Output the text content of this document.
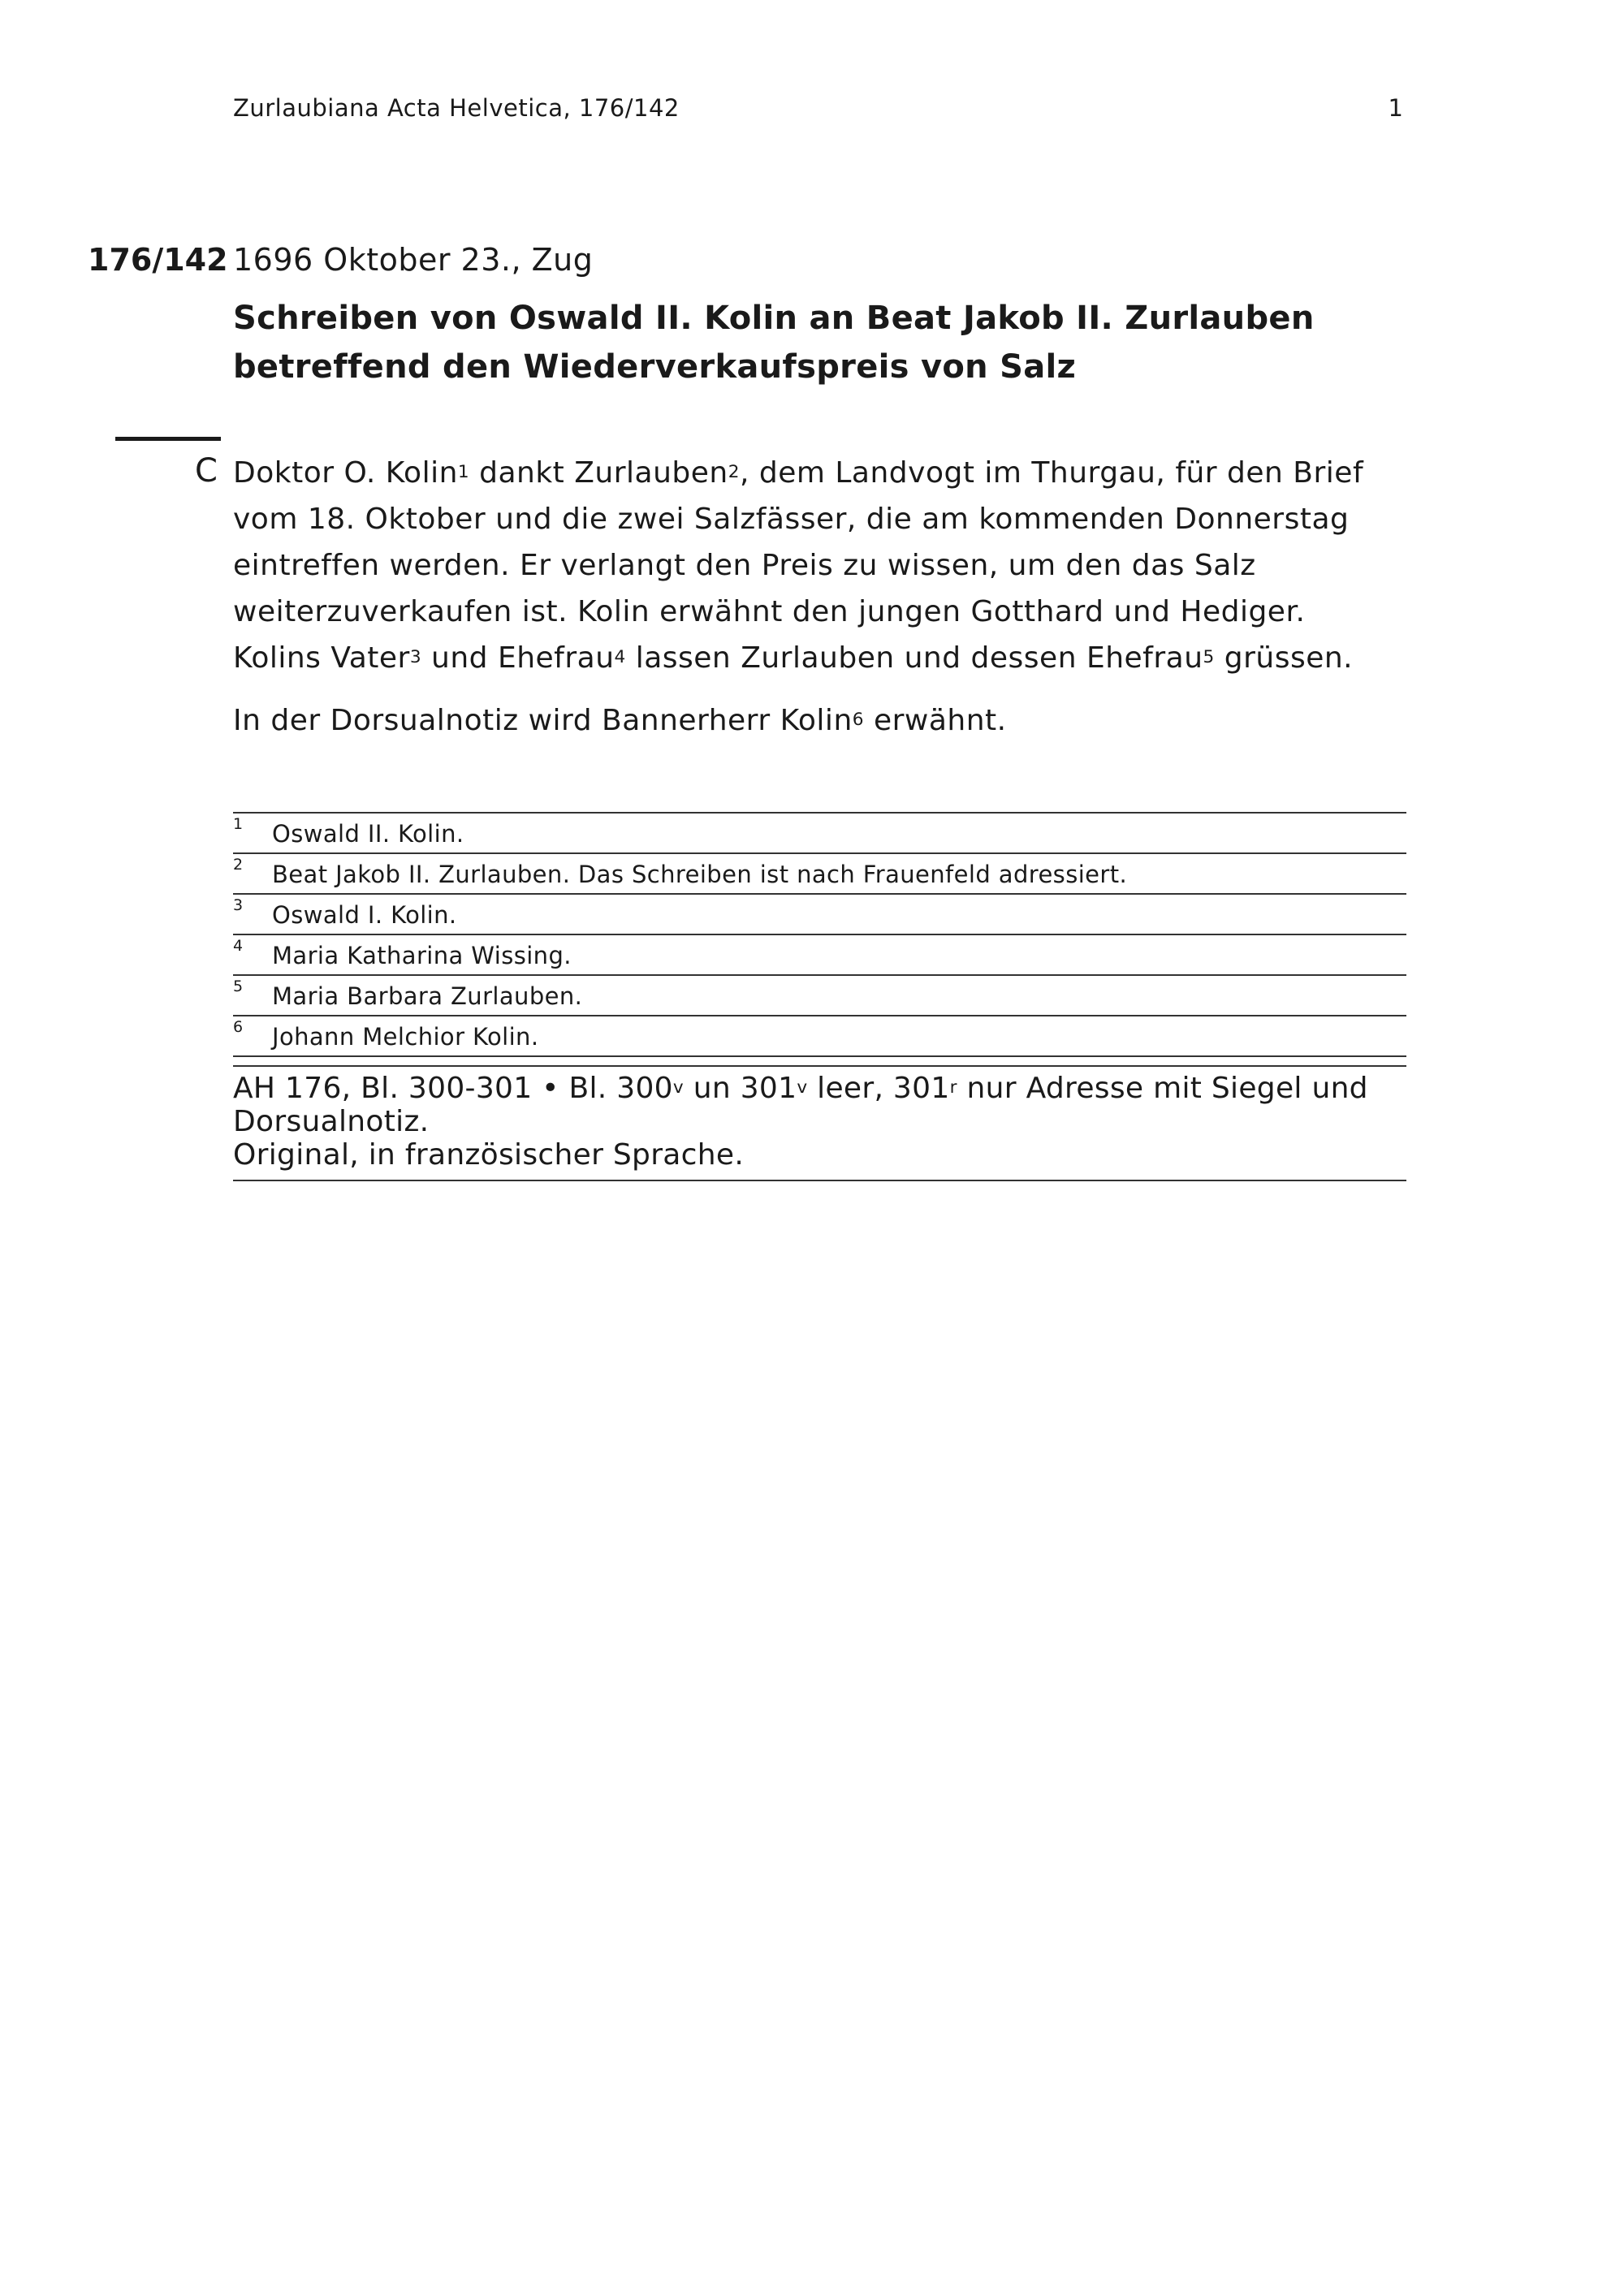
Zurlaubiana Acta Helvetica, 176/142	1
176/142 1696 Oktober 23., Zug
Schreiben von Oswald II. Kolin an Beat Jakob II. Zurlauben betreffend den Wiederverkaufspreis von Salz
C Doktor O. Kolin$^1$ dankt Zurlauben$^2$, dem Landvogt im Thurgau, für den Brief vom 18. Oktober und die zwei Salzfässer, die am kommenden Donnerstag eintreffen werden. Er verlangt den Preis zu wissen, um den das Salz weiterzuverkaufen ist. Kolin erwähnt den jungen Gotthard und Hediger. Kolins Vater$^3$ und Ehefrau$^4$ lassen Zurlauben und dessen Ehefrau$^5$ grüssen.

In der Dorsualnotiz wird Bannerherr Kolin$^6$ erwähnt.

1 Oswald II. Kolin.
2 Beat Jakob II. Zurlauben. Das Schreiben ist nach Frauenfeld adressiert.
3 Oswald I. Kolin.
4 Maria Katharina Wissing.
5 Maria Barbara Zurlauben.
6 Johann Melchior Kolin.
AH 176, Bl. 300-301 • Bl. 300$^v$ un 301$^v$ leer, 301$^r$ nur Adresse mit Siegel und Dorsualnotiz.
Original, in französischer Sprache.
